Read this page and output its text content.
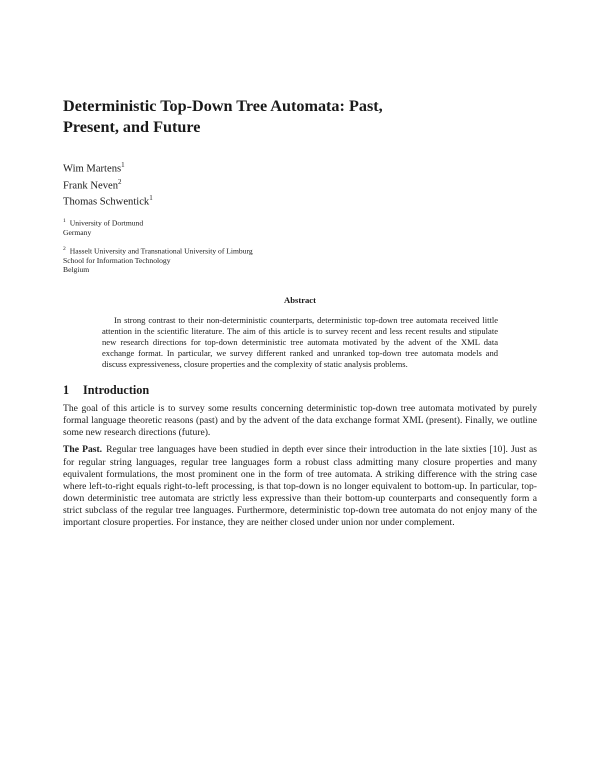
Deterministic Top-Down Tree Automata: Past,
Present, and Future
Wim Martens$^1$
Frank Neven$^2$
Thomas Schwentick$^1$
$^1$ University of Dortmund
Germany
$^2$ Hasselt University and Transnational University of Limburg
School for Information Technology
Belgium
Abstract

In strong contrast to their non-deterministic counterparts, deterministic top-down tree automata received little attention in the scientific literature. The aim of this article is to survey recent and less recent results and stipulate new research directions for top-down deterministic tree automata motivated by the advent of the XML data exchange format. In particular, we survey different ranked and unranked top-down tree automata models and discuss expressiveness, closure properties and the complexity of static analysis problems.

1 Introduction

The goal of this article is to survey some results concerning deterministic top-down tree automata motivated by purely formal language theoretic reasons (past) and by the advent of the data exchange format XML (present). Finally, we outline some new research directions (future).

The Past. Regular tree languages have been studied in depth ever since their introduction in the late sixties [10]. Just as for regular string languages, regular tree languages form a robust class admitting many closure properties and many equivalent formulations, the most prominent one in the form of tree automata. A striking difference with the string case where left-to-right equals right-to-left processing, is that top-down is no longer equivalent to bottom-up. In particular, top-down deterministic tree automata are strictly less expressive than their bottom-up counterparts and consequently form a strict subclass of the regular tree languages. Furthermore, deterministic top-down tree automata do not enjoy many of the important closure properties. For instance, they are neither closed under union nor under complement.
